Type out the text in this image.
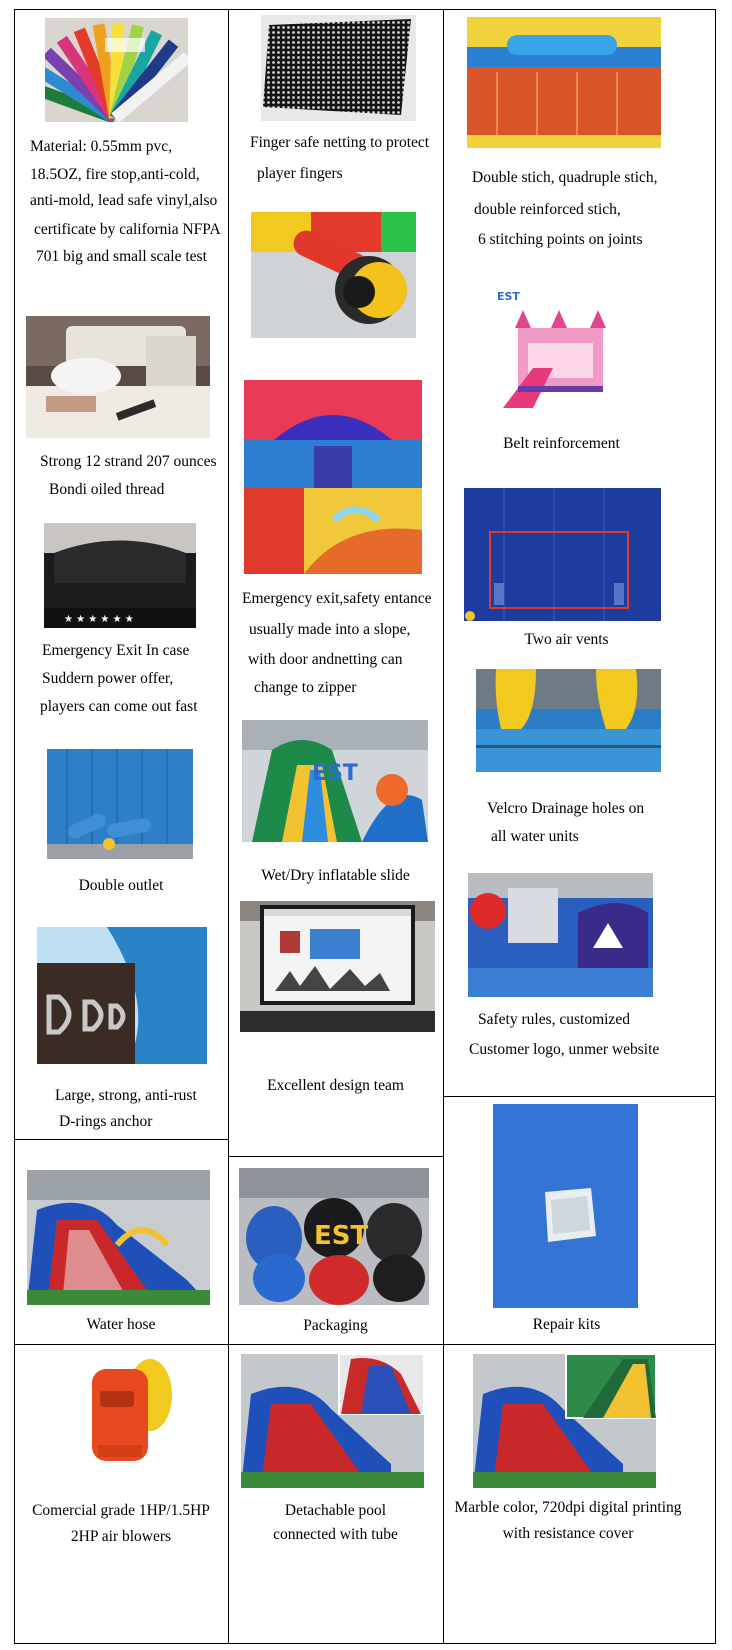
Material: 0.55mm pvc,
18.5OZ, fire stop,anti-cold,
anti-mold, lead safe vinyl,also
certificate by california NFPA
701 big and small scale test
Strong 12 strand 207 ounces
Bondi oiled thread
★ ★ ★ ★ ★ ★
Emergency Exit In case
Suddern power offer,
players can come out fast
Double outlet
Large, strong, anti-rust
D-rings anchor
Finger safe netting to protect
player fingers
Emergency exit,safety entance
usually made into a slope,
with door andnetting can
change to zipper
EST
Wet/Dry inflatable slide
Excellent design team
Double stich, quadruple stich,
double reinforced stich,
6 stitching points on joints
EST
Belt reinforcement
Two air vents
Velcro Drainage holes on
all water units
Safety rules, customized
Customer logo, unmer website
Water hose
EST
Packaging	Repair kits
Comercial grade 1HP/1.5HP
2HP air blowers
Detachable pool
connected with tube
Marble color, 720dpi digital printing
with resistance cover
